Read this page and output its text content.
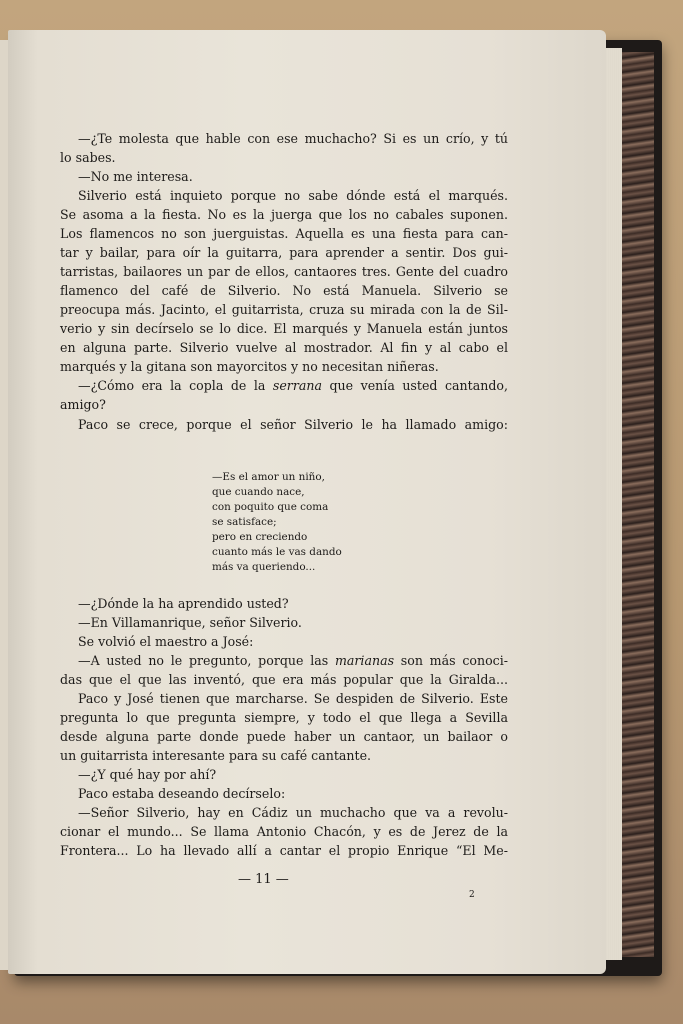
—¿Te molesta que hable con ese muchacho? Si es un crío, y tú
lo sabes.
—No me interesa.
Silverio está inquieto porque no sabe dónde está el marqués.
Se asoma a la fiesta. No es la juerga que los no cabales suponen.
Los flamencos no son juerguistas. Aquella es una fiesta para can-
tar y bailar, para oír la guitarra, para aprender a sentir. Dos gui-
tarristas, bailaores un par de ellos, cantaores tres. Gente del cuadro
flamenco del café de Silverio. No está Manuela. Silverio se
preocupa más. Jacinto, el guitarrista, cruza su mirada con la de Sil-
verio y sin decírselo se lo dice. El marqués y Manuela están juntos
en alguna parte. Silverio vuelve al mostrador. Al fin y al cabo el
marqués y la gitana son mayorcitos y no necesitan niñeras.
—¿Cómo era la copla de la serrana que venía usted cantando,
amigo?
Paco se crece, porque el señor Silverio le ha llamado amigo:
—Es el amor un niño,
que cuando nace,
con poquito que coma
se satisface;
pero en creciendo
cuanto más le vas dando
más va queriendo...
—¿Dónde la ha aprendido usted?
—En Villamanrique, señor Silverio.
Se volvió el maestro a José:
—A usted no le pregunto, porque las marianas son más conoci-
das que el que las inventó, que era más popular que la Giralda...
Paco y José tienen que marcharse. Se despiden de Silverio. Este
pregunta lo que pregunta siempre, y todo el que llega a Sevilla
desde alguna parte donde puede haber un cantaor, un bailaor o
un guitarrista interesante para su café cantante.
—¿Y qué hay por ahí?
Paco estaba deseando decírselo:
—Señor Silverio, hay en Cádiz un muchacho que va a revolu-
cionar el mundo... Se llama Antonio Chacón, y es de Jerez de la
Frontera... Lo ha llevado allí a cantar el propio Enrique “El Me-
— 11 —
2
